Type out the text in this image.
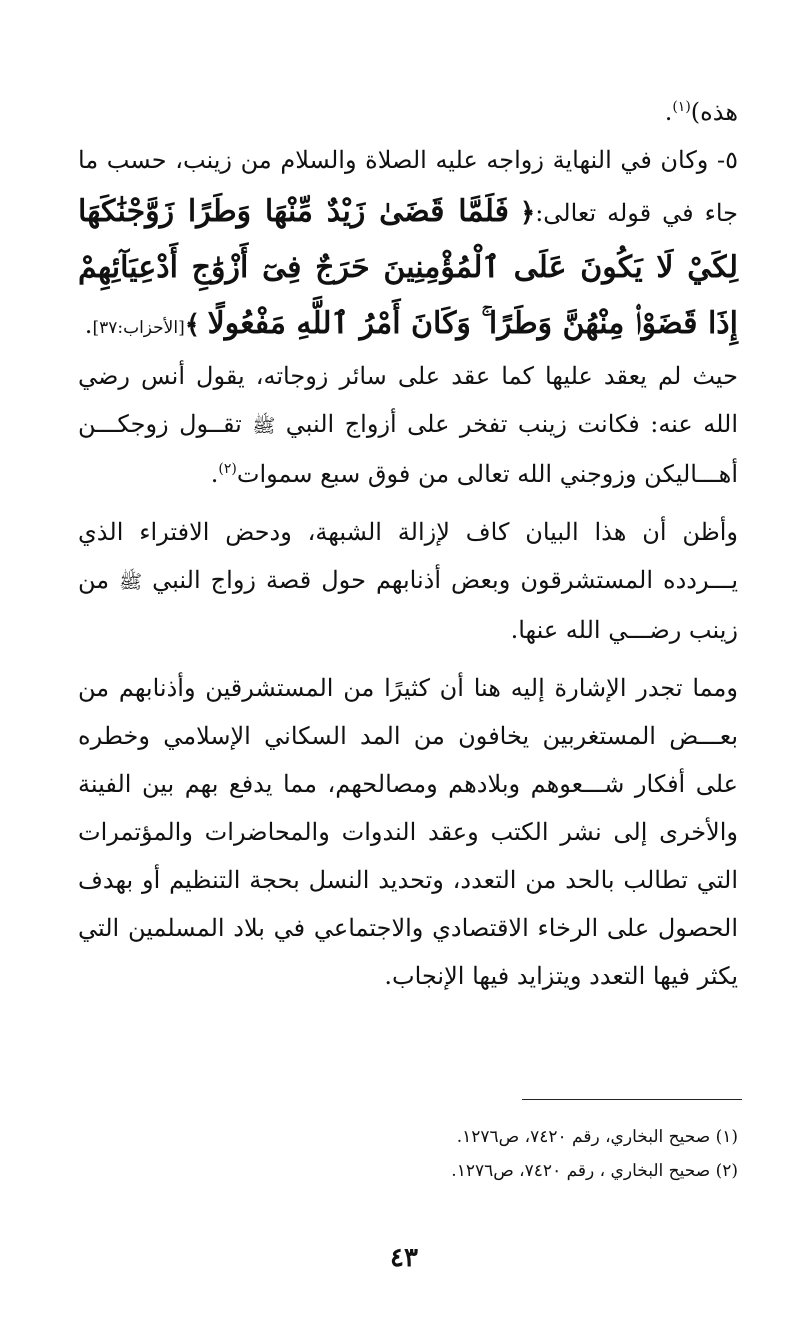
هذه)$^{(١)}$.

٥- وكان في النهاية زواجه عليه الصلاة والسلام من زينب، حسب ما جاء في قوله تعالى:﴿ فَلَمَّا قَضَىٰ زَيْدٌ مِّنْهَا وَطَرًا زَوَّجْنَٰكَهَا لِكَيْ لَا يَكُونَ عَلَى ٱلْمُؤْمِنِينَ حَرَجٌ فِىٓ أَزْوَٰجِ أَدْعِيَآئِهِمْ إِذَا قَضَوْا۟ مِنْهُنَّ وَطَرًا ۚ وَكَانَ أَمْرُ ٱللَّهِ مَفْعُولًا ﴾[الأحزاب:٣٧].

حيث لم يعقد عليها كما عقد على سائر زوجاته، يقول أنس رضي الله عنه: فكانت زينب تفخر على أزواج النبي ﷺ تقــول زوجكـــن أهـــاليكن وزوجني الله تعالى من فوق سبع سموات$^{(٢)}$.

وأظن أن هذا البيان كاف لإزالة الشبهة، ودحض الافتراء الذي يـــردده المستشرقون وبعض أذنابهم حول قصة زواج النبي ﷺ من زينب رضـــي الله عنها.

ومما تجدر الإشارة إليه هنا أن كثيرًا من المستشرقين وأذنابهم من بعـــض المستغربين يخافون من المد السكاني الإسلامي وخطره على أفكار شـــعوهم وبلادهم ومصالحهم، مما يدفع بهم بين الفينة والأخرى إلى نشر الكتب وعقد الندوات والمحاضرات والمؤتمرات التي تطالب بالحد من التعدد، وتحديد النسل بحجة التنظيم أو بهدف الحصول على الرخاء الاقتصادي والاجتماعي في بلاد المسلمين التي يكثر فيها التعدد ويتزايد فيها الإنجاب.

(١) صحيح البخاري، رقم ٧٤٢٠، ص١٢٧٦.

(٢) صحيح البخاري ، رقم ٧٤٢٠، ص١٢٧٦.

٤٣
